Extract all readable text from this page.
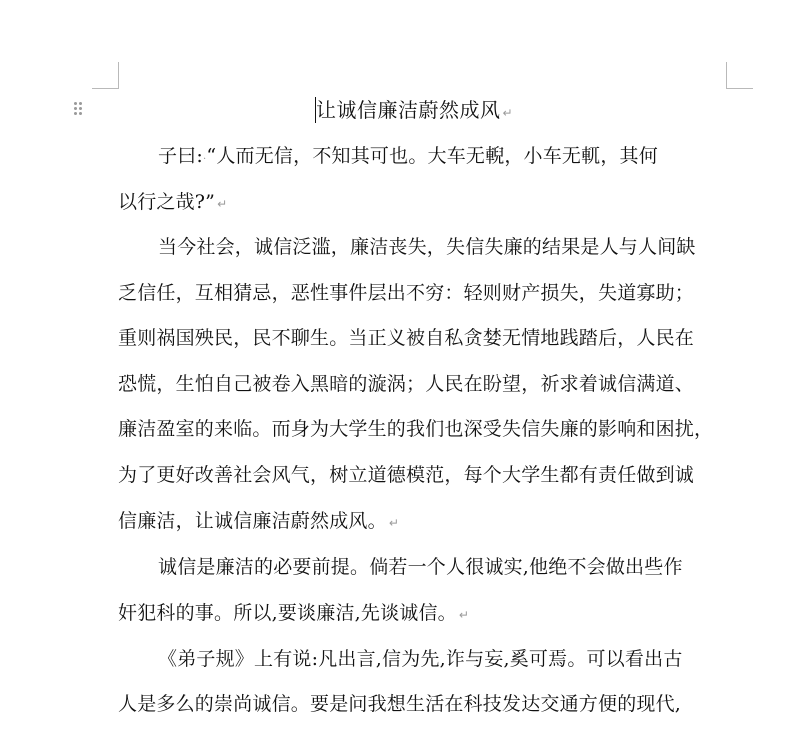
让诚信廉洁蔚然成风 ↵
子曰:·“人而无信，不知其可也。大车无輗，小车无軏，其何
以行之哉?” ↵
当今社会，诚信泛滥，廉洁丧失，失信失廉的结果是人与人间缺
乏信任，互相猜忌，恶性事件层出不穷：轻则财产损失，失道寡助；
重则祸国殃民，民不聊生。当正义被自私贪婪无情地践踏后，人民在
恐慌，生怕自己被卷入黑暗的漩涡；人民在盼望，祈求着诚信满道、
廉洁盈室的来临。而身为大学生的我们也深受失信失廉的影响和困扰，
为了更好改善社会风气，树立道德模范，每个大学生都有责任做到诚
信廉洁，让诚信廉洁蔚然成风。 ↵
诚信是廉洁的必要前提。倘若一个人很诚实,他绝不会做出些作
奸犯科的事。所以,要谈廉洁,先谈诚信。 ↵
《弟子规》上有说:凡出言,信为先,诈与妄,奚可焉。可以看出古
人是多么的崇尚诚信。要是问我想生活在科技发达交通方便的现代,
